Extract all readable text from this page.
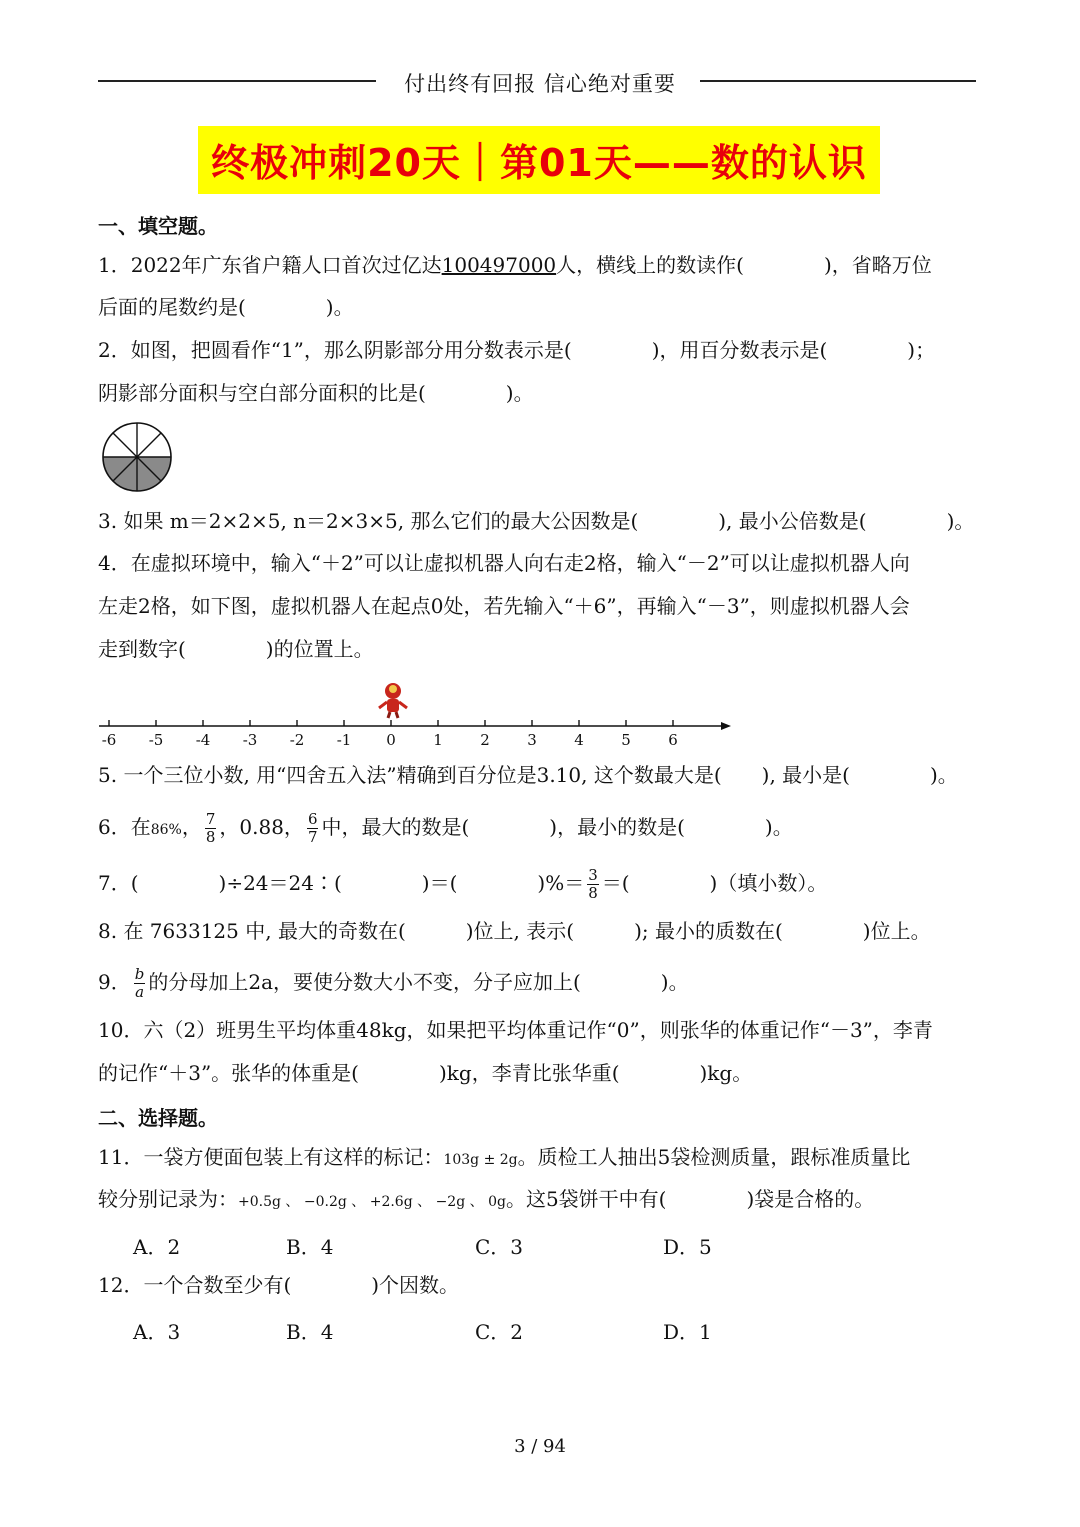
付出终有回报 信心绝对重要
终极冲刺20天｜第01天——数的认识
一、填空题。
1．2022年广东省户籍人口首次过亿达100497000人，横线上的数读作(　　　　)，省略万位
后面的尾数约是(　　　　)。
2．如图，把圆看作“1”，那么阴影部分用分数表示是(　　　　)，用百分数表示是(　　　　)；
阴影部分面积与空白部分面积的比是(　　　　)。
3. 如果 m＝2×2×5, n＝2×3×5, 那么它们的最大公因数是(　　　　), 最小公倍数是(　　　　)。
4．在虚拟环境中，输入“＋2”可以让虚拟机器人向右走2格，输入“－2”可以让虚拟机器人向
左走2格，如下图，虚拟机器人在起点0处，若先输入“＋6”，再输入“－3”，则虚拟机器人会
走到数字(　　　　)的位置上。
-6 -5 -4 -3 -2 -1 0 1 2 3 4 5 6
5. 一个三位小数, 用“四舍五入法”精确到百分位是3.10, 这个数最大是(　　), 最小是(　　　　)。
6．在86%， $\frac{7}{8}$ ，0.88， $\frac{6}{7}$ 中，最大的数是(　　　　)，最小的数是(　　　　)。
7．(　　　　)÷24＝24∶(　　　　)＝(　　　　)%＝ $\frac{3}{8}$ ＝(　　　　)（填小数）。
8. 在 7633125 中, 最大的奇数在(　　　)位上, 表示(　　　); 最小的质数在(　　　　)位上。
9． $\frac{b}{a}$ 的分母加上2a，要使分数大小不变，分子应加上(　　　　)。
10．六（2）班男生平均体重48kg，如果把平均体重记作“0”，则张华的体重记作“－3”，李青
的记作“＋3”。张华的体重是(　　　　)kg，李青比张华重(　　　　)kg。
二、选择题。
11．一袋方便面包装上有这样的标记：103g ± 2g。质检工人抽出5袋检测质量，跟标准质量比
较分别记录为：+0.5g 、 −0.2g 、 +2.6g 、 −2g 、 0g。这5袋饼干中有(　　　　)袋是合格的。
A．2	B．4	C．3	D．5
12．一个合数至少有(　　　　)个因数。
A．3	B．4	C．2	D．1
3 / 94
